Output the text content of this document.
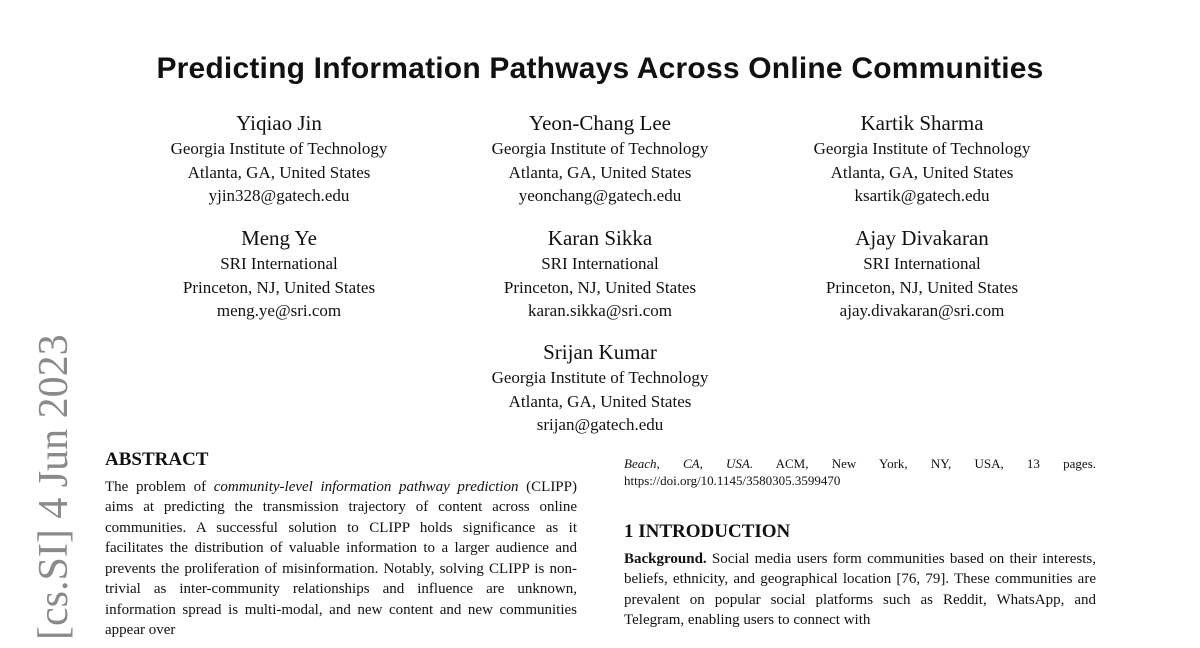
Predicting Information Pathways Across Online Communities
Yiqiao Jin
Georgia Institute of Technology
Atlanta, GA, United States
yjin328@gatech.edu
Yeon-Chang Lee
Georgia Institute of Technology
Atlanta, GA, United States
yeonchang@gatech.edu
Kartik Sharma
Georgia Institute of Technology
Atlanta, GA, United States
ksartik@gatech.edu
Meng Ye
SRI International
Princeton, NJ, United States
meng.ye@sri.com
Karan Sikka
SRI International
Princeton, NJ, United States
karan.sikka@sri.com
Ajay Divakaran
SRI International
Princeton, NJ, United States
ajay.divakaran@sri.com
Srijan Kumar
Georgia Institute of Technology
Atlanta, GA, United States
srijan@gatech.edu
[cs.SI] 4 Jun 2023 ABSTRACT

The problem of community-level information pathway prediction (CLIPP) aims at predicting the transmission trajectory of content across online communities. A successful solution to CLIPP holds significance as it facilitates the distribution of valuable information to a larger audience and prevents the proliferation of misinformation. Notably, solving CLIPP is non-trivial as inter-community relationships and influence are unknown, information spread is multi-modal, and new content and new communities appear over

Beach, CA, USA. ACM, New York, NY, USA, 13 pages. https://doi.org/10.1145/3580305.3599470
1 INTRODUCTION

Background. Social media users form communities based on their interests, beliefs, ethnicity, and geographical location [76, 79]. These communities are prevalent on popular social platforms such as Reddit, WhatsApp, and Telegram, enabling users to connect with
